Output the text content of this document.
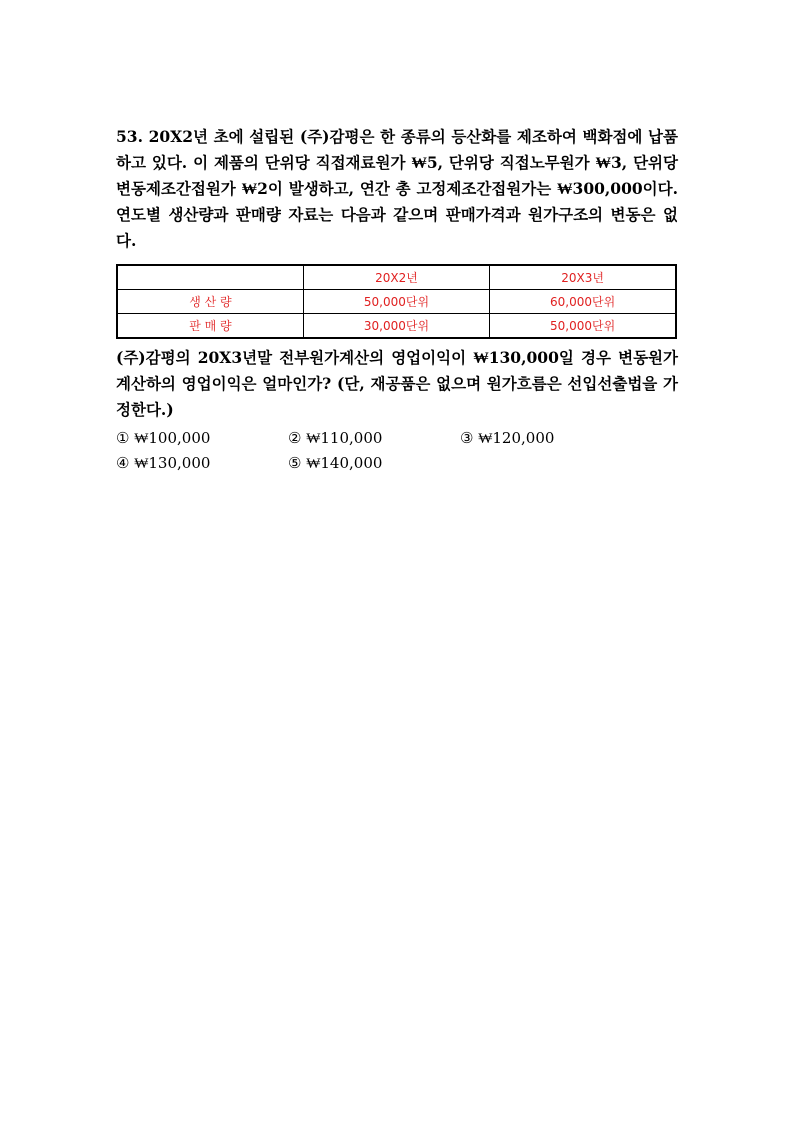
53. 20X2년 초에 설립된 (주)감평은 한 종류의 등산화를 제조하여 백화점에 납품하고 있다. 이 제품의 단위당 직접재료원가 ₩5, 단위당 직접노무원가 ₩3, 단위당 변동제조간접원가 ₩2이 발생하고, 연간 총 고정제조간접원가는 ₩300,000이다. 연도별 생산량과 판매량 자료는 다음과 같으며 판매가격과 원가구조의 변동은 없다.

	20X2년	20X3년
생 산 량	50,000단위	60,000단위
판 매 량	30,000단위	50,000단위

(주)감평의 20X3년말 전부원가계산의 영업이익이 ₩130,000일 경우 변동원가계산하의 영업이익은 얼마인가? (단, 재공품은 없으며 원가흐름은 선입선출법을 가정한다.)

① ₩100,000	② ₩110,000	③ ₩120,000
④ ₩130,000	⑤ ₩140,000
